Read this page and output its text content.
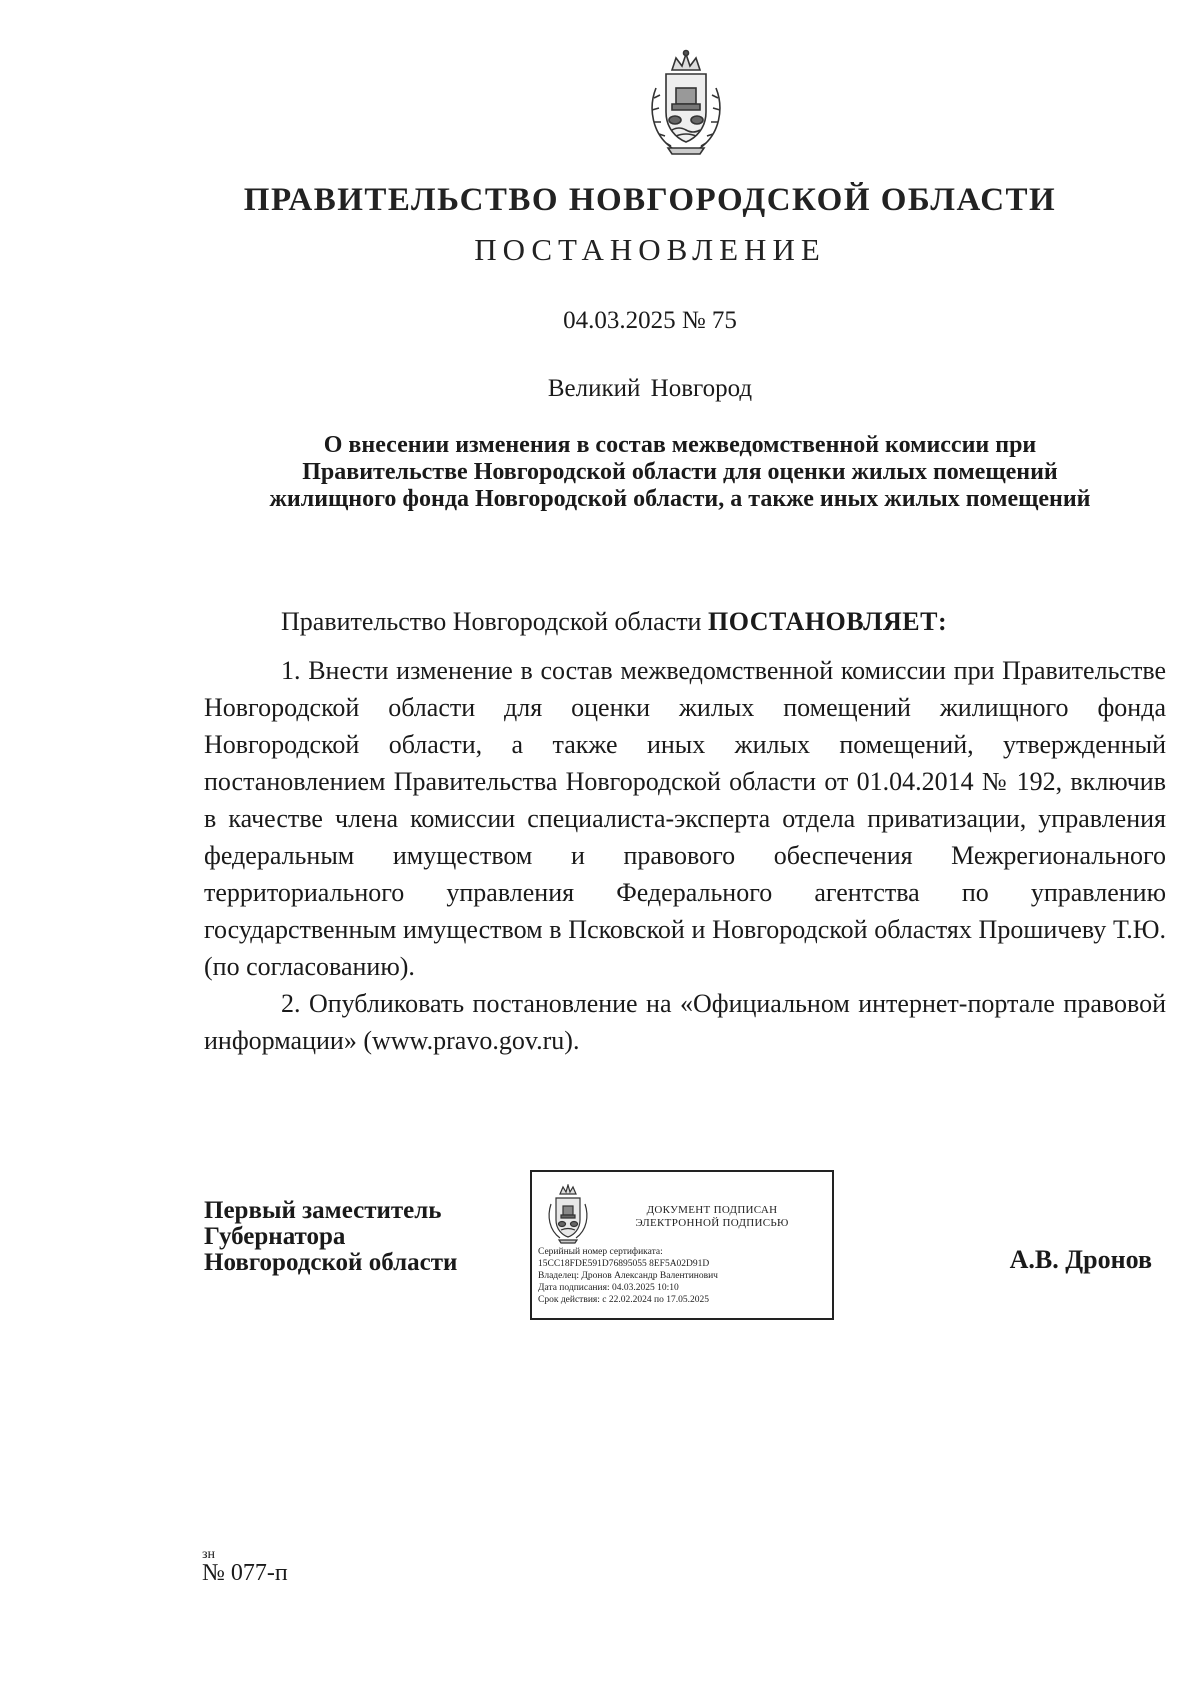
ПРАВИТЕЛЬСТВО НОВГОРОДСКОЙ ОБЛАСТИ
ПОСТАНОВЛЕНИЕ
04.03.2025 № 75
Великий Новгород
О внесении изменения в состав межведомственной комиссии при Правительстве Новгородской области для оценки жилых помещений жилищного фонда Новгородской области, а также иных жилых помещений
Правительство Новгородской области ПОСТАНОВЛЯЕТ:

1. Внести изменение в состав межведомственной комиссии при Правительстве Новгородской области для оценки жилых помещений жилищного фонда Новгородской области, а также иных жилых помещений, утвержденный постановлением Правительства Новгородской области от 01.04.2014 № 192, включив в качестве члена комиссии специалиста-эксперта отдела приватизации, управления федеральным имуществом и правового обеспечения Межрегионального территориального управления Федерального агентства по управлению государственным имуществом в Псковской и Новгородской областях Прошичеву Т.Ю. (по согласованию).

2. Опубликовать постановление на «Официальном интернет-портале правовой информации» (www.pravo.gov.ru).

Первый заместитель
Губернатора
Новгородской области
ДОКУМЕНТ ПОДПИСАН
ЭЛЕКТРОННОЙ ПОДПИСЬЮ
Серийный номер сертификата:
15CC18FDE591D76895055 8EF5A02D91D
Владелец: Дронов Александр Валентинович
Дата подписания: 04.03.2025 10:10
Срок действия: с 22.02.2024 по 17.05.2025
А.В. Дронов
зн
№ 077-п
